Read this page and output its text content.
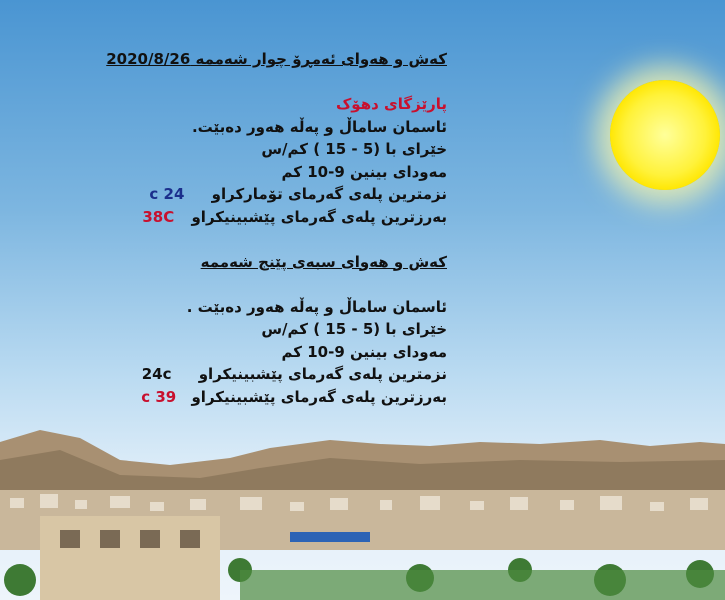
کەش و هەوای ئەمڕۆ چوار شەممە 2020/8/26
پارێزگای دهۆک
ئاسمان ساماڵ و پەڵە هەور دەبێت.
خێرای با (5 - 15 ) کم/س
مەودای بینین 9-10 کم
نزمترین پلەی گەرمای تۆمارکراو 24 c
بەرزترین پلەی گەرمای پێشبینیکراو 38C
کەش و هەوای سبەی پێنج شەممە
ئاسمان ساماڵ و پەڵە هەور دەبێت .
خێرای با (5 - 15 ) کم/س
مەودای بینین 9-10 کم
نزمترین پلەی گەرمای پێشبینیکراو 24c
بەرزترین پلەی گەرمای پێشبینیکراو 39 c
